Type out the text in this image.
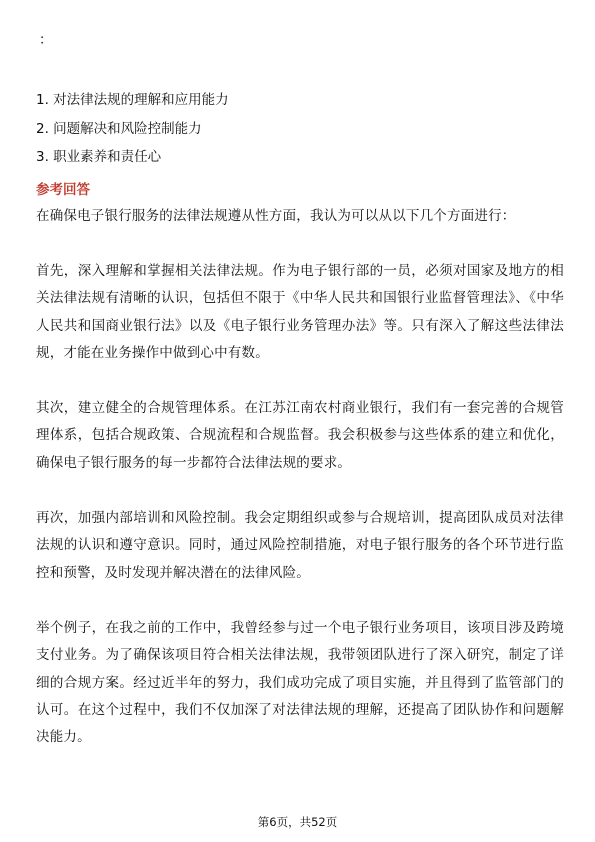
：
1. 对法律法规的理解和应用能力
2. 问题解决和风险控制能力
3. 职业素养和责任心
参考回答
在确保电子银行服务的法律法规遵从性方面，我认为可以从以下几个方面进行：
首先，深入理解和掌握相关法律法规。作为电子银行部的一员，必须对国家及地方的相关法律法规有清晰的认识，包括但不限于《中华人民共和国银行业监督管理法》、《中华人民共和国商业银行法》以及《电子银行业务管理办法》等。只有深入了解这些法律法规，才能在业务操作中做到心中有数。
其次，建立健全的合规管理体系。在江苏江南农村商业银行，我们有一套完善的合规管理体系，包括合规政策、合规流程和合规监督。我会积极参与这些体系的建立和优化，确保电子银行服务的每一步都符合法律法规的要求。
再次，加强内部培训和风险控制。我会定期组织或参与合规培训，提高团队成员对法律法规的认识和遵守意识。同时，通过风险控制措施，对电子银行服务的各个环节进行监控和预警，及时发现并解决潜在的法律风险。
举个例子，在我之前的工作中，我曾经参与过一个电子银行业务项目，该项目涉及跨境支付业务。为了确保该项目符合相关法律法规，我带领团队进行了深入研究，制定了详细的合规方案。经过近半年的努力，我们成功完成了项目实施，并且得到了监管部门的认可。在这个过程中，我们不仅加深了对法律法规的理解，还提高了团队协作和问题解决能力。
第6页，共52页
